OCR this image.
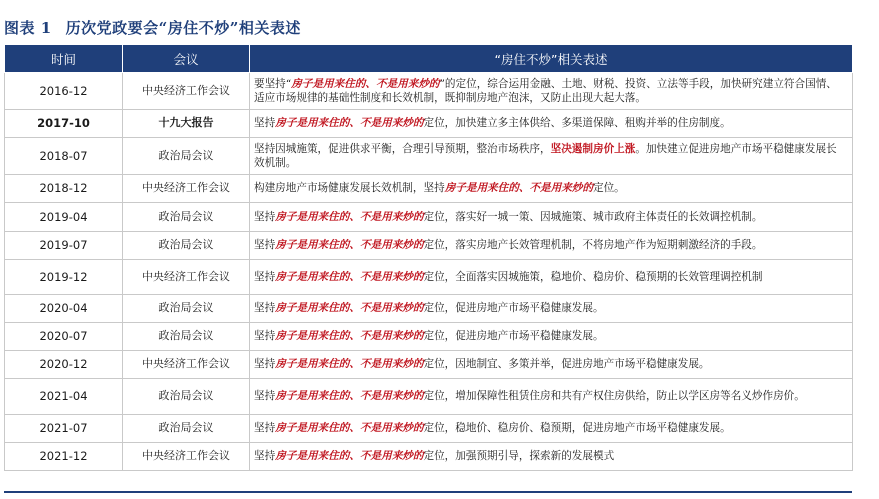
图表 1 历次党政要会“房住不炒”相关表述
时间	会议	“房住不炒”相关表述
2016-12	中央经济工作会议	要坚持“房子是用来住的、不是用来炒的”的定位，综合运用金融、土地、财税、投资、立法等手段，加快研究建立符合国情、适应市场规律的基础性制度和长效机制，既抑制房地产泡沫，又防止出现大起大落。
2017-10	十九大报告	坚持房子是用来住的、不是用来炒的定位，加快建立多主体供给、多渠道保障、租购并举的住房制度。
2018-07	政治局会议	坚持因城施策，促进供求平衡，合理引导预期，整治市场秩序，坚决遏制房价上涨。加快建立促进房地产市场平稳健康发展长效机制。
2018-12	中央经济工作会议	构建房地产市场健康发展长效机制，坚持房子是用来住的、不是用来炒的定位。
2019-04	政治局会议	坚持房子是用来住的、不是用来炒的定位，落实好一城一策、因城施策、城市政府主体责任的长效调控机制。
2019-07	政治局会议	坚持房子是用来住的、不是用来炒的定位，落实房地产长效管理机制，不将房地产作为短期刺激经济的手段。
2019-12	中央经济工作会议	坚持房子是用来住的、不是用来炒的定位，全面落实因城施策，稳地价、稳房价、稳预期的长效管理调控机制
2020-04	政治局会议	坚持房子是用来住的、不是用来炒的定位，促进房地产市场平稳健康发展。
2020-07	政治局会议	坚持房子是用来住的、不是用来炒的定位，促进房地产市场平稳健康发展。
2020-12	中央经济工作会议	坚持房子是用来住的、不是用来炒的定位，因地制宜、多策并举，促进房地产市场平稳健康发展。
2021-04	政治局会议	坚持房子是用来住的、不是用来炒的定位，增加保障性租赁住房和共有产权住房供给，防止以学区房等名义炒作房价。
2021-07	政治局会议	坚持房子是用来住的、不是用来炒的定位，稳地价、稳房价、稳预期，促进房地产市场平稳健康发展。
2021-12	中央经济工作会议	坚持房子是用来住的、不是用来炒的定位，加强预期引导，探索新的发展模式
